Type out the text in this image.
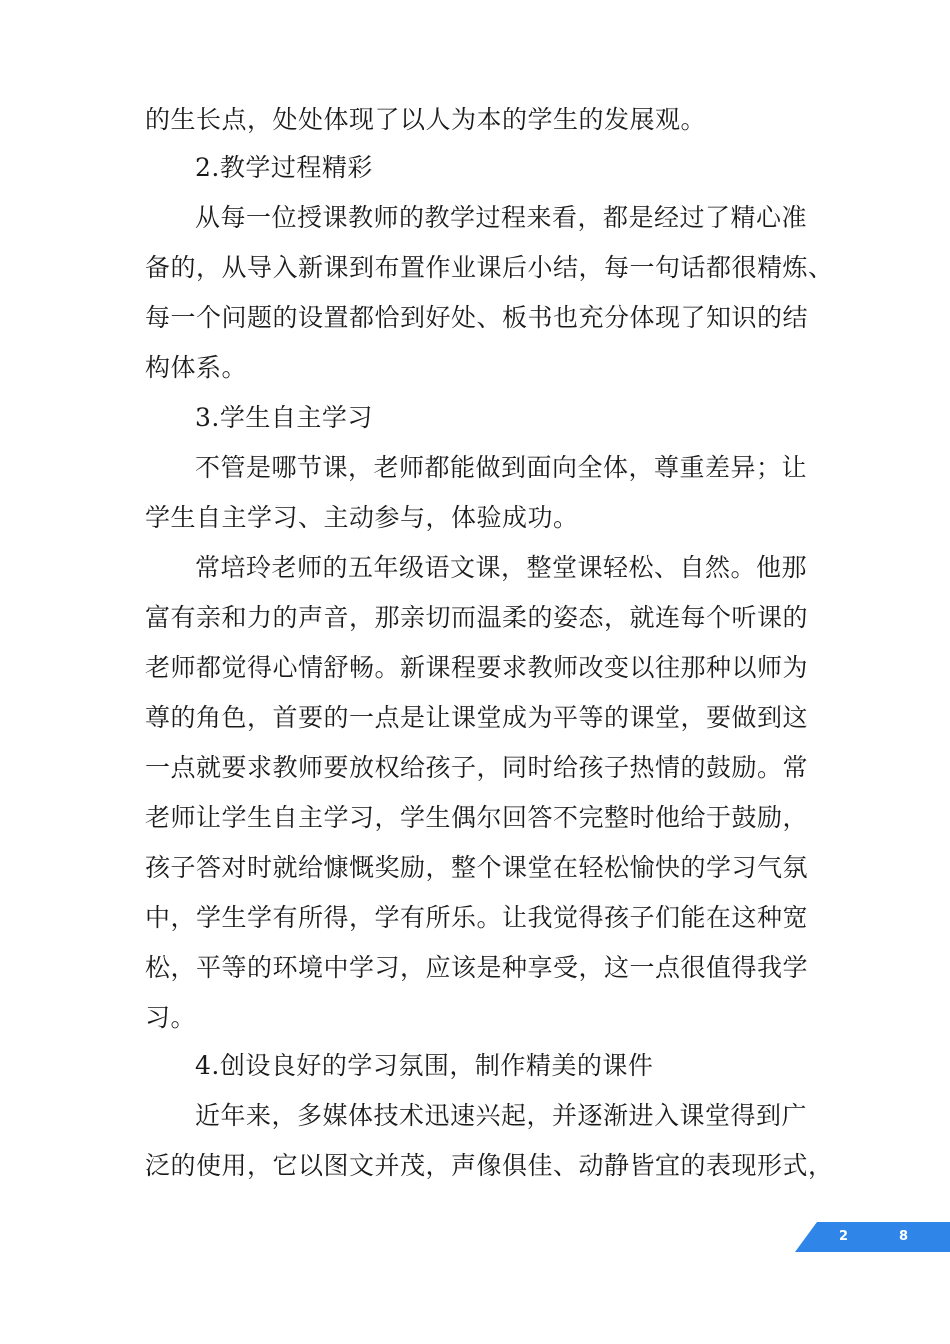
的生长点，处处体现了以人为本的学生的发展观。
2.教学过程精彩
从每一位授课教师的教学过程来看，都是经过了精心准
备的，从导入新课到布置作业课后小结，每一句话都很精炼、
每一个问题的设置都恰到好处、板书也充分体现了知识的结
构体系。
3.学生自主学习
不管是哪节课，老师都能做到面向全体，尊重差异；让
学生自主学习、主动参与，体验成功。
常培玲老师的五年级语文课，整堂课轻松、自然。他那
富有亲和力的声音，那亲切而温柔的姿态，就连每个听课的
老师都觉得心情舒畅。新课程要求教师改变以往那种以师为
尊的角色，首要的一点是让课堂成为平等的课堂，要做到这
一点就要求教师要放权给孩子，同时给孩子热情的鼓励。常
老师让学生自主学习，学生偶尔回答不完整时他给于鼓励，
孩子答对时就给慷慨奖励，整个课堂在轻松愉快的学习气氛
中，学生学有所得，学有所乐。让我觉得孩子们能在这种宽
松，平等的环境中学习，应该是种享受，这一点很值得我学
习。
4.创设良好的学习氛围，制作精美的课件
近年来，多媒体技术迅速兴起，并逐渐进入课堂得到广
泛的使用，它以图文并茂，声像俱佳、动静皆宜的表现形式，
2	8
